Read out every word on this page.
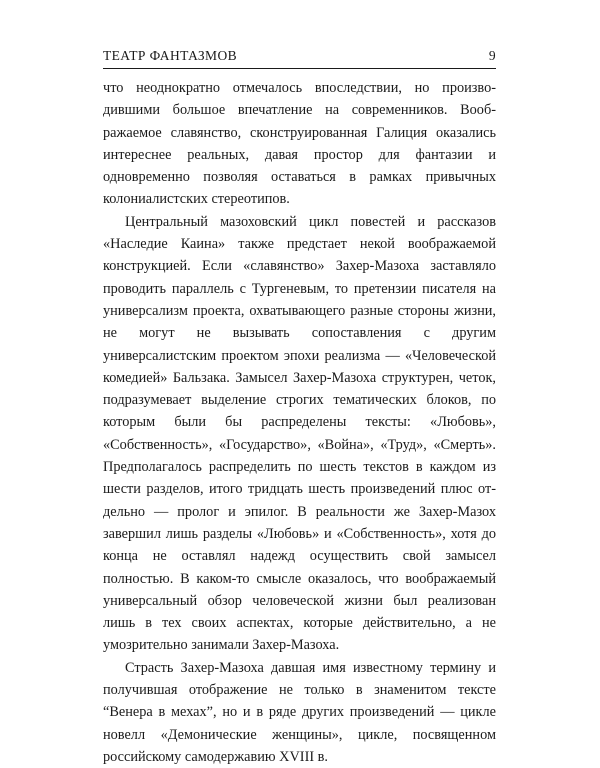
ТЕАТР ФАНТАЗМОВ	9

что неоднократно отмечалось впоследствии, но производившими большое впечатление на современников. Воображаемое славянство, сконструированная Галиция оказались интереснее реальных, давая простор для фантазии и одновременно позволяя оставаться в рамках привычных колониалистских стереотипов.

Центральный мазоховский цикл повестей и рассказов «Наследие Каина» также предстает некой воображаемой конструкцией. Если «славянство» Захер-Мазоха заставляло проводить параллель с Тургеневым, то претензии писателя на универсализм проекта, охватывающего разные стороны жизни, не могут не вызывать сопоставления с другим универсалистским проектом эпохи реализма — «Человеческой комедией» Бальзака. Замысел Захер-Мазоха структурен, четок, подразумевает выделение строгих тематических блоков, по которым были бы распределены тексты: «Любовь», «Собственность», «Государство», «Война», «Труд», «Смерть». Предполагалось распределить по шесть текстов в каждом из шести разделов, итого тридцать шесть произведений плюс отдельно — пролог и эпилог. В реальности же Захер-Мазох завершил лишь разделы «Любовь» и «Собственность», хотя до конца не оставлял надежд осуществить свой замысел полностью. В каком-то смысле оказалось, что воображаемый универсальный обзор человеческой жизни был реализован лишь в тех своих аспектах, которые действительно, а не умозрительно занимали Захер-Мазоха.

Страсть Захер-Мазоха давшая имя известному термину и получившая отображение не только в знаменитом тексте “Венера в мехах”, но и в ряде других произведений — цикле новелл «Демонические женщины», цикле, посвященном российскому самодержавию XVIII в.
